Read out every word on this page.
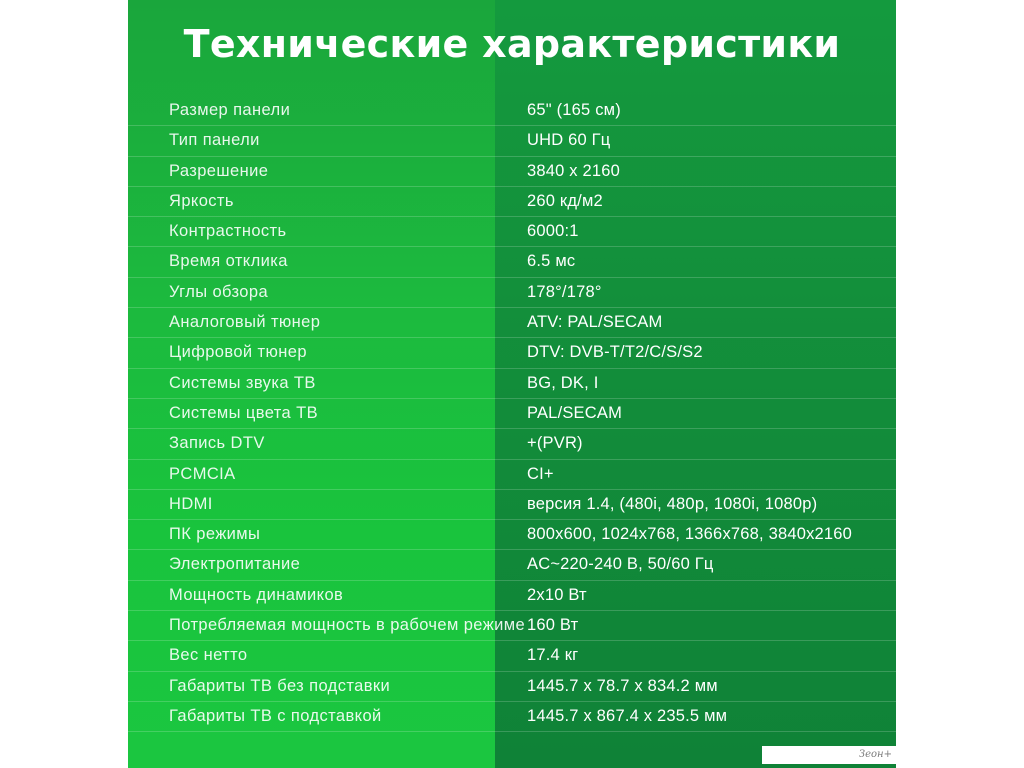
Технические характеристики
Размер панели	65" (165 см)
Тип панели	UHD 60 Гц
Разрешение	3840 x 2160
Яркость	260 кд/м2
Контрастность	6000:1
Время отклика	6.5 мс
Углы обзора	178°/178°
Аналоговый тюнер	ATV: PAL/SECAM
Цифровой тюнер	DTV: DVB-T/T2/C/S/S2
Системы звука ТВ	BG, DK, I
Системы цвета ТВ	PAL/SECAM
Запись DTV	+(PVR)
PCMCIA	CI+
HDMI	версия 1.4, (480i, 480p, 1080i, 1080p)
ПК режимы	800x600, 1024x768, 1366x768, 3840x2160
Электропитание	AC~220-240 В, 50/60 Гц
Мощность динамиков	2x10 Вт
Потребляемая мощность в рабочем режиме 160 Вт
Вес нетто	17.4 кг
Габариты ТВ без подставки	1445.7 x 78.7 x 834.2 мм
Габариты ТВ с подставкой	1445.7 x 867.4 x 235.5 мм
Зеон+
